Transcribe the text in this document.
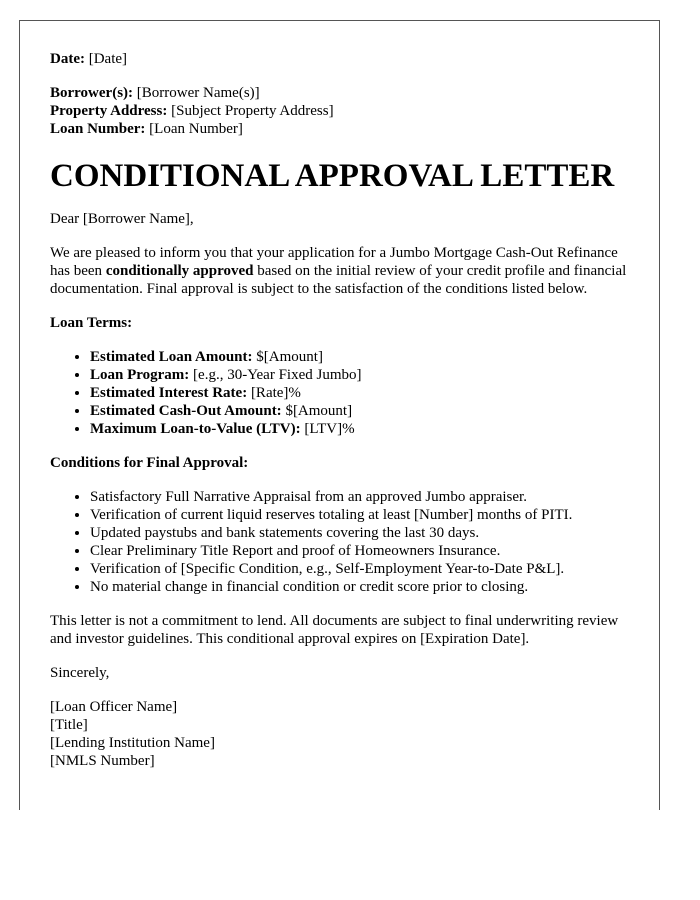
Date: [Date]

Borrower(s): [Borrower Name(s)]
Property Address: [Subject Property Address]
Loan Number: [Loan Number]
CONDITIONAL APPROVAL LETTER

Dear [Borrower Name],

We are pleased to inform you that your application for a Jumbo Mortgage Cash-Out Refinance has been conditionally approved based on the initial review of your credit profile and financial documentation. Final approval is subject to the satisfaction of the conditions listed below.

Loan Terms:

• Estimated Loan Amount: $[Amount]
• Loan Program: [e.g., 30-Year Fixed Jumbo]
• Estimated Interest Rate: [Rate]%
• Estimated Cash-Out Amount: $[Amount]
• Maximum Loan-to-Value (LTV): [LTV]%

Conditions for Final Approval:

• Satisfactory Full Narrative Appraisal from an approved Jumbo appraiser.
• Verification of current liquid reserves totaling at least [Number] months of PITI.
• Updated paystubs and bank statements covering the last 30 days.
• Clear Preliminary Title Report and proof of Homeowners Insurance.
• Verification of [Specific Condition, e.g., Self-Employment Year-to-Date P&L].
• No material change in financial condition or credit score prior to closing.

This letter is not a commitment to lend. All documents are subject to final underwriting review and investor guidelines. This conditional approval expires on [Expiration Date].

Sincerely,

[Loan Officer Name]
[Title]
[Lending Institution Name]
[NMLS Number]
